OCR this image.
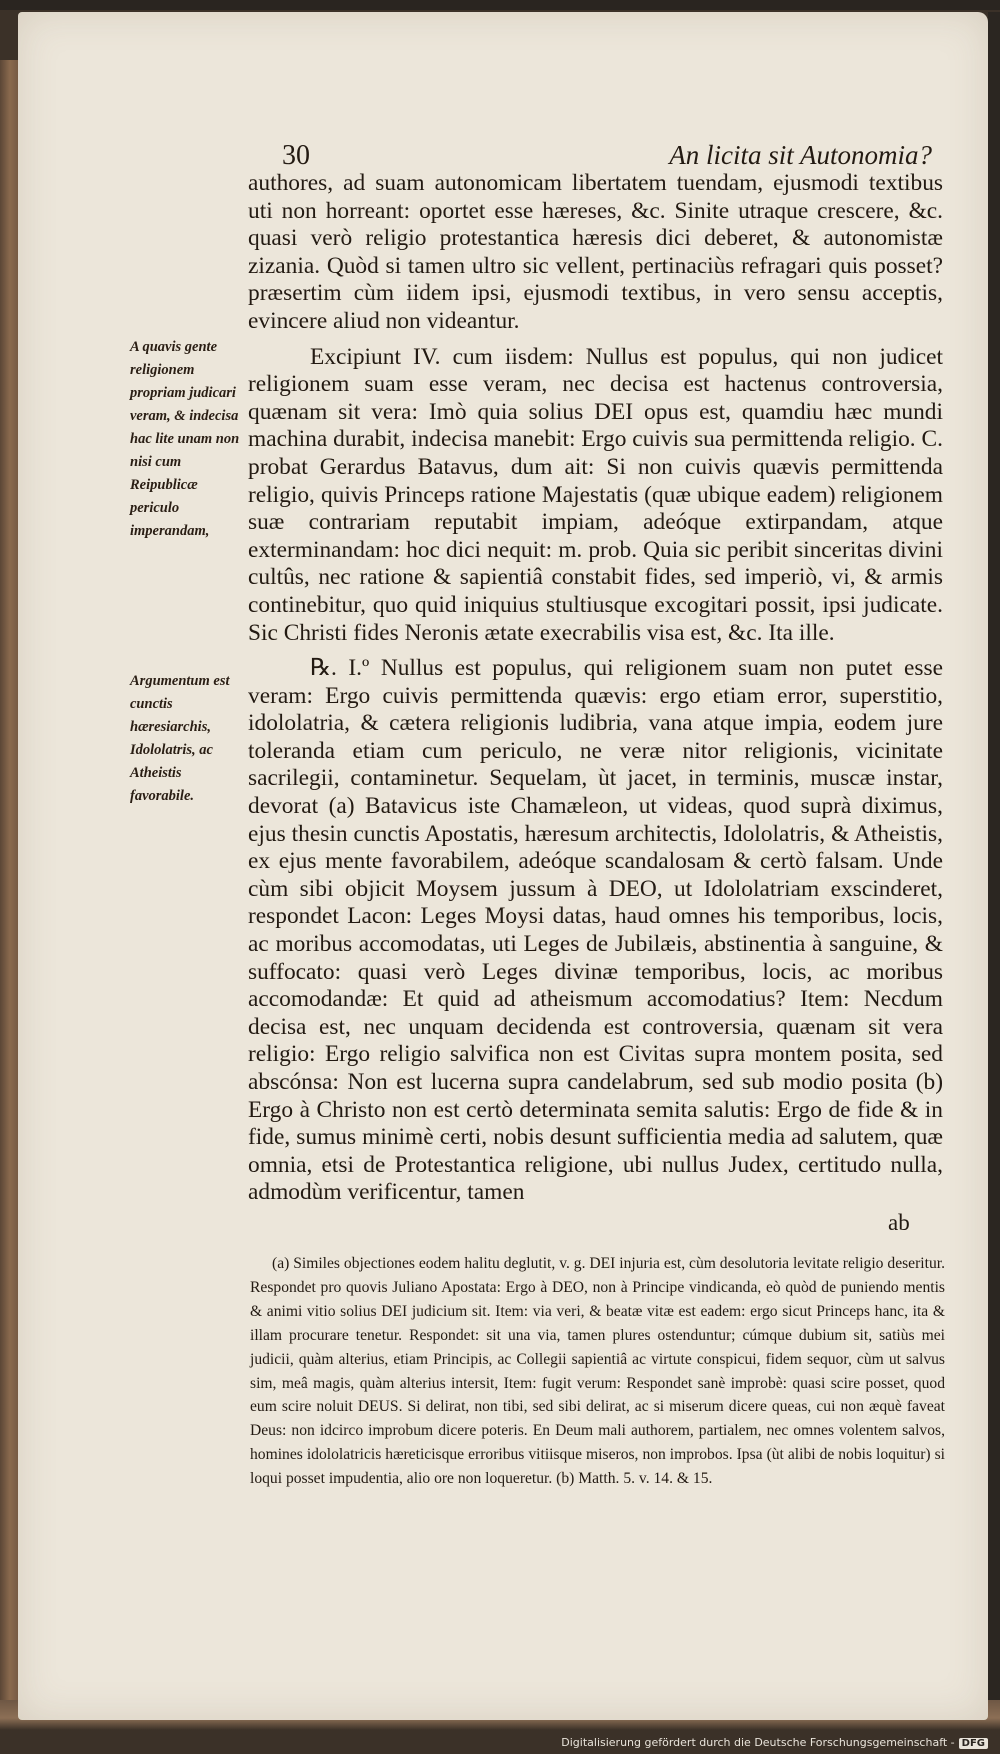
30	An licita sit Autonomia?
A quavis gente religionem propriam judicari veram, & indecisa hac lite unam non nisi cum Reipublicæ periculo imperandam,
Argumentum est cunctis hæresiarchis, Idololatris, ac Atheistis favorabile.

authores, ad suam autonomicam libertatem tuendam, ejusmodi textibus uti non horreant: oportet esse hæreses, &c. Sinite utraque crescere, &c. quasi verò religio protestantica hæresis dici deberet, & autonomistæ zizania. Quòd si tamen ultro sic vellent, pertinaciùs refragari quis posset? præsertim cùm iidem ipsi, ejusmodi textibus, in vero sensu acceptis, evincere aliud non videantur.

Excipiunt IV. cum iisdem: Nullus est populus, qui non judicet religionem suam esse veram, nec decisa est hactenus controversia, quænam sit vera: Imò quia solius DEI opus est, quamdiu hæc mundi machina durabit, indecisa manebit: Ergo cuivis sua permittenda religio. C. probat Gerardus Batavus, dum ait: Si non cuivis quævis permittenda religio, quivis Princeps ratione Majestatis (quæ ubique eadem) religionem suæ contrariam reputabit impiam, adeóque extirpandam, atque exterminandam: hoc dici nequit: m. prob. Quia sic peribit sinceritas divini cultûs, nec ratione & sapientiâ constabit fides, sed imperiò, vi, & armis continebitur, quo quid iniquius stultiusque excogitari possit, ipsi judicate. Sic Christi fides Neronis ætate execrabilis visa est, &c. Ita ille.

℞. I.º Nullus est populus, qui religionem suam non putet esse veram: Ergo cuivis permittenda quævis: ergo etiam error, superstitio, idololatria, & cætera religionis ludibria, vana atque impia, eodem jure toleranda etiam cum periculo, ne veræ nitor religionis, vicinitate sacrilegii, contaminetur. Sequelam, ùt jacet, in terminis, muscæ instar, devorat (a) Batavicus iste Chamæleon, ut videas, quod suprà diximus, ejus thesin cunctis Apostatis, hæresum architectis, Idololatris, & Atheistis, ex ejus mente favorabilem, adeóque scandalosam & certò falsam. Unde cùm sibi objicit Moysem jussum à DEO, ut Idololatriam exscinderet, respondet Lacon: Leges Moysi datas, haud omnes his temporibus, locis, ac moribus accomodatas, uti Leges de Jubilæis, abstinentia à sanguine, & suffocato: quasi verò Leges divinæ temporibus, locis, ac moribus accomodandæ: Et quid ad atheismum accomodatius? Item: Necdum decisa est, nec unquam decidenda est controversia, quænam sit vera religio: Ergo religio salvifica non est Civitas supra montem posita, sed abscónsa: Non est lucerna supra candelabrum, sed sub modio posita (b) Ergo à Christo non est certò determinata semita salutis: Ergo de fide & in fide, sumus minimè certi, nobis desunt sufficientia media ad salutem, quæ omnia, etsi de Protestantica religione, ubi nullus Judex, certitudo nulla, admodùm verificentur, tamen

ab

(a) Similes objectiones eodem halitu deglutit, v. g. DEI injuria est, cùm desolutoria levitate religio deseritur. Respondet pro quovis Juliano Apostata: Ergo à DEO, non à Principe vindicanda, eò quòd de puniendo mentis & animi vitio solius DEI judicium sit. Item: via veri, & beatæ vitæ est eadem: ergo sicut Princeps hanc, ita & illam procurare tenetur. Respondet: sit una via, tamen plures ostenduntur; cúmque dubium sit, satiùs mei judicii, quàm alterius, etiam Principis, ac Collegii sapientiâ ac virtute conspicui, fidem sequor, cùm ut salvus sim, meâ magis, quàm alterius intersit, Item: fugit verum: Respondet sanè improbè: quasi scire posset, quod eum scire noluit DEUS. Si delirat, non tibi, sed sibi delirat, ac si miserum dicere queas, cui non æquè faveat Deus: non idcirco improbum dicere poteris. En Deum mali authorem, partialem, nec omnes volentem salvos, homines idololatricis hæreticisque erroribus vitiisque miseros, non improbos. Ipsa (ùt alibi de nobis loquitur) si loqui posset impudentia, alio ore non loqueretur. (b) Matth. 5. v. 14. & 15.

Digitalisierung gefördert durch die Deutsche Forschungsgemeinschaft - DFG
